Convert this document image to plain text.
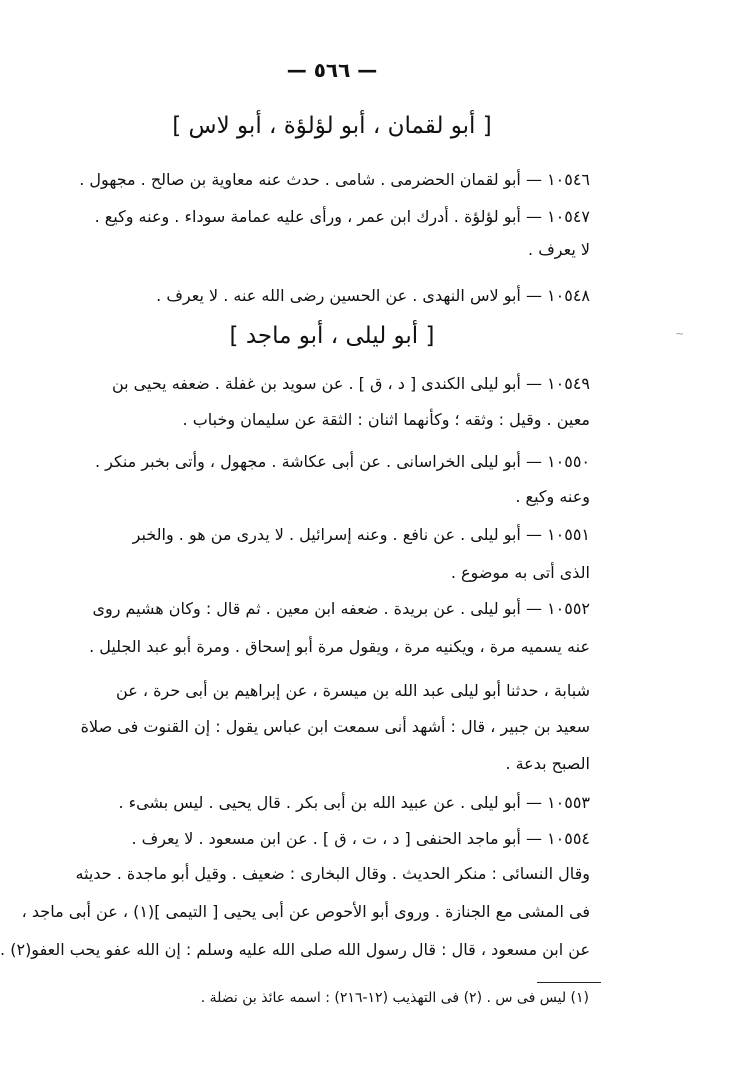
— ٥٦٦ —
[ أبو لقمان ، أبو لؤلؤة ، أبو لاس ]
١٠٥٤٦ — أبو لقمان الحضرمى . شامى . حدث عنه معاوية بن صالح . مجهول .
١٠٥٤٧ — أبو لؤلؤة . أدرك ابن عمر ، ورأى عليه عمامة سوداء . وعنه وكيع .
لا يعرف .
١٠٥٤٨ — أبو لاس النهدى . عن الحسين رضى الله عنه . لا يعرف .
[ أبو ليلى ، أبو ماجد ]
١٠٥٤٩ — أبو ليلى الكندى [ د ، ق ] . عن سويد بن غفلة . ضعفه يحيى بن
معين . وقيل : وثقه ؛ وكأنهما اثنان : الثقة عن سليمان وخباب .
١٠٥٥٠ — أبو ليلى الخراسانى . عن أبى عكاشة . مجهول ، وأتى بخبر منكر .
وعنه وكيع .
١٠٥٥١ — أبو ليلى . عن نافع . وعنه إسرائيل . لا يدرى من هو . والخبر
الذى أتى به موضوع .
١٠٥٥٢ — أبو ليلى . عن بريدة . ضعفه ابن معين . ثم قال : وكان هشيم روى
عنه يسميه مرة ، ويكنيه مرة ، ويقول مرة أبو إسحاق . ومرة أبو عبد الجليل .
شبابة ، حدثنا أبو ليلى عبد الله بن ميسرة ، عن إبراهيم بن أبى حرة ، عن
سعيد بن جبير ، قال : أشهد أنى سمعت ابن عباس يقول : إن القنوت فى صلاة
الصبح بدعة .
١٠٥٥٣ — أبو ليلى . عن عبيد الله بن أبى بكر . قال يحيى . ليس بشىء .
١٠٥٥٤ — أبو ماجد الحنفى [ د ، ت ، ق ] . عن ابن مسعود . لا يعرف .
وقال النسائى : منكر الحديث . وقال البخارى : ضعيف . وقيل أبو ماجدة . حديثه
فى المشى مع الجنازة . وروى أبو الأحوص عن أبى يحيى [ التيمى ](١) ، عن أبى ماجد ،
عن ابن مسعود ، قال : قال رسول الله صلى الله عليه وسلم : إن الله عفو يحب العفو(٢) .
(١) ليس فى س . (٢) فى التهذيب (١٢-٢١٦) : اسمه عائذ بن نضلة .
~
